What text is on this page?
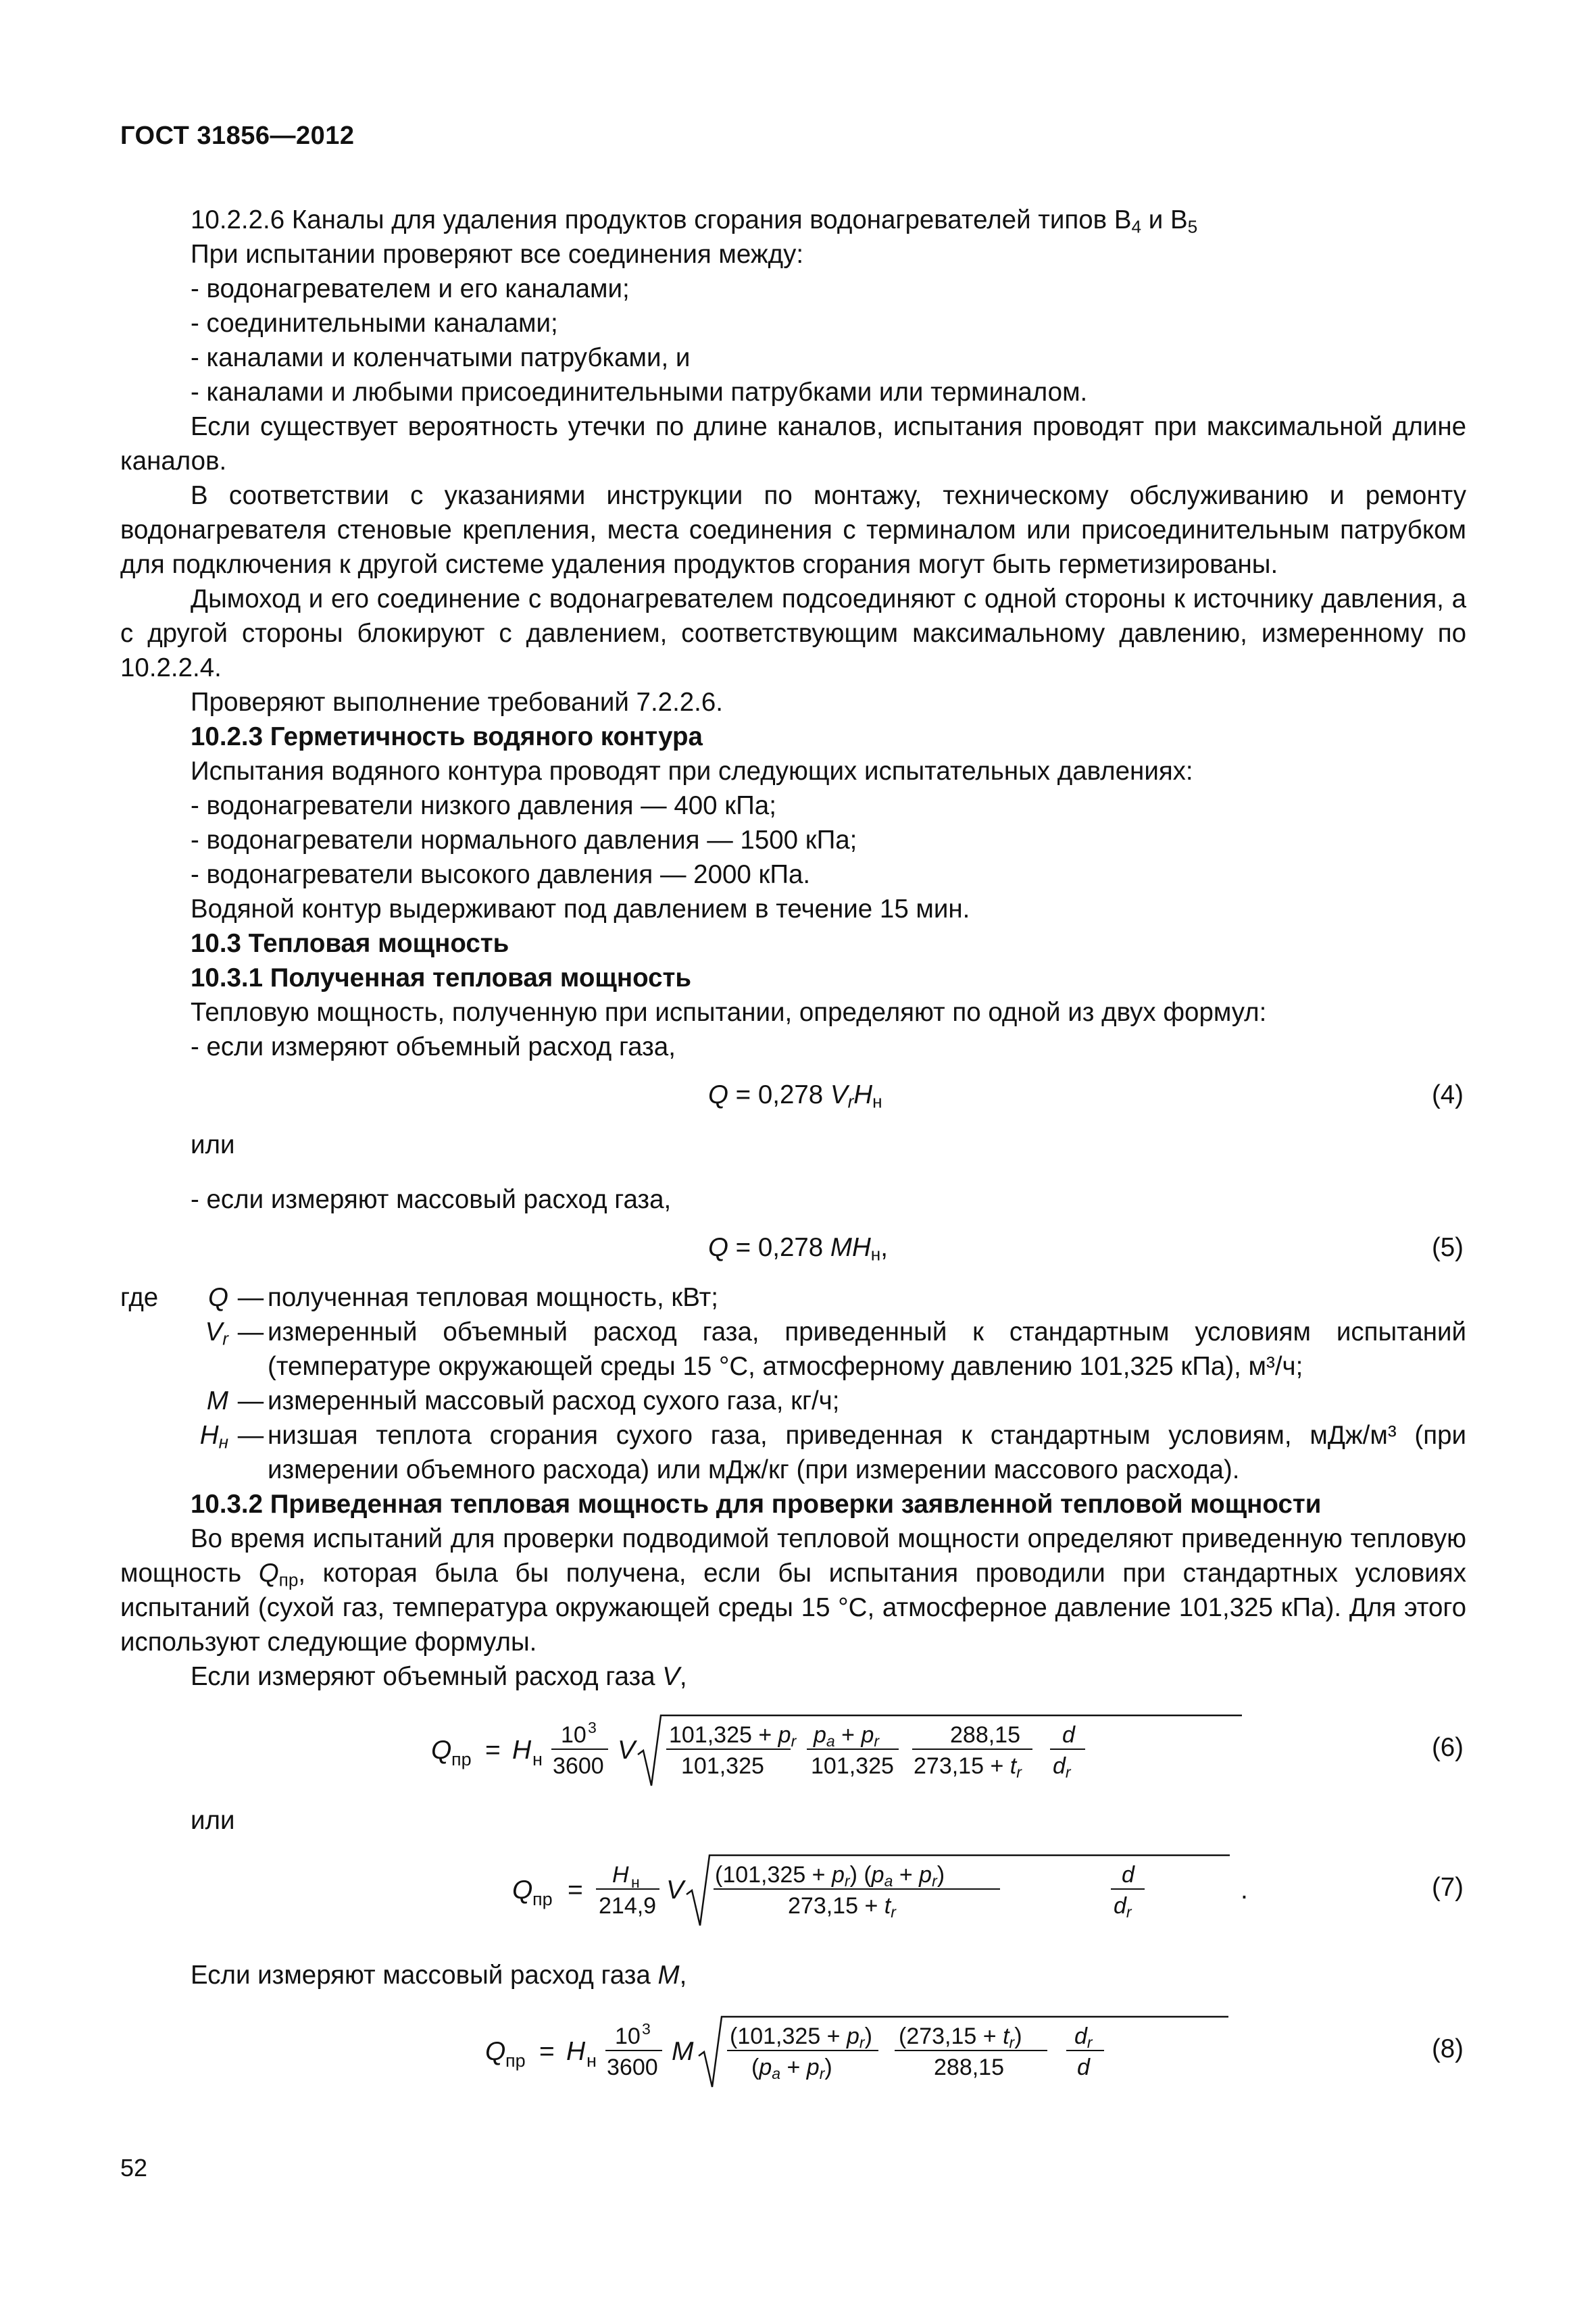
ГОСТ 31856—2012

10.2.2.6 Каналы для удаления продуктов сгорания водонагревателей типов $B_4$ и $B_5$

При испытании проверяют все соединения между:

- водонагревателем и его каналами;

- соединительными каналами;

- каналами и коленчатыми патрубками, и

- каналами и любыми присоединительными патрубками или терминалом.

Если существует вероятность утечки по длине каналов, испытания проводят при максимальной длине каналов.

В соответствии с указаниями инструкции по монтажу, техническому обслуживанию и ремонту водонагревателя стеновые крепления, места соединения с терминалом или присоединительным патрубком для подключения к другой системе удаления продуктов сгорания могут быть герметизированы.

Дымоход и его соединение с водонагревателем подсоединяют с одной стороны к источнику давления, а с другой стороны блокируют с давлением, соответствующим максимальному давлению, измеренному по 10.2.2.4.

Проверяют выполнение требований 7.2.2.6.

10.2.3 Герметичность водяного контура

Испытания водяного контура проводят при следующих испытательных давлениях:

- водонагреватели низкого давления — 400 кПа;

- водонагреватели нормального давления — 1500 кПа;

- водонагреватели высокого давления — 2000 кПа.

Водяной контур выдерживают под давлением в течение 15 мин.

10.3 Тепловая мощность

10.3.1 Полученная тепловая мощность

Тепловую мощность, полученную при испытании, определяют по одной из двух формул:

- если измеряют объемный расход газа,

Q = 0,278 $V_rH_н$	(4)

или

- если измеряют массовый расход газа,

Q = 0,278 $MH_н$,	(5)
где	Q — полученная тепловая мощность, кВт;
$V_r$ — измеренный объемный расход газа, приведенный к стандартным условиям испытаний (температуре окружающей среды 15 °С, атмосферному давлению 101,325 кПа), м³/ч;
M — измеренный массовый расход сухого газа, кг/ч;
$H_н$ — низшая теплота сгорания сухого газа, приведенная к стандартным условиям, мДж/м³ (при измерении объемного расхода) или мДж/кг (при измерении массового расхода).

10.3.2 Приведенная тепловая мощность для проверки заявленной тепловой мощности

Во время испытаний для проверки подводимой тепловой мощности определяют приведенную тепловую мощность $Q_{пр}$, которая была бы получена, если бы испытания проводили при стандартных условиях испытаний (сухой газ, температура окружающей среды 15 °С, атмосферное давление 101,325 кПа). Для этого используют следующие формулы.

Если измеряют объемный расход газа V,

Q пр = H н
10 3
3600
V
101,325 + pr
101,325
pa + pr
101,325
288,15
273,15 + tr
d
dr
(6)

или

Q пр =
H н
214,9
V
(101,325 + pr) (pa + pr)
273,15 + tr
d
dr
.	(7)

Если измеряют массовый расход газа M,

Q пр = H н
10 3
3600
M
(101,325 + pr)
(pa + pr)
(273,15 + tr)
288,15
dr
d
(8)
52
